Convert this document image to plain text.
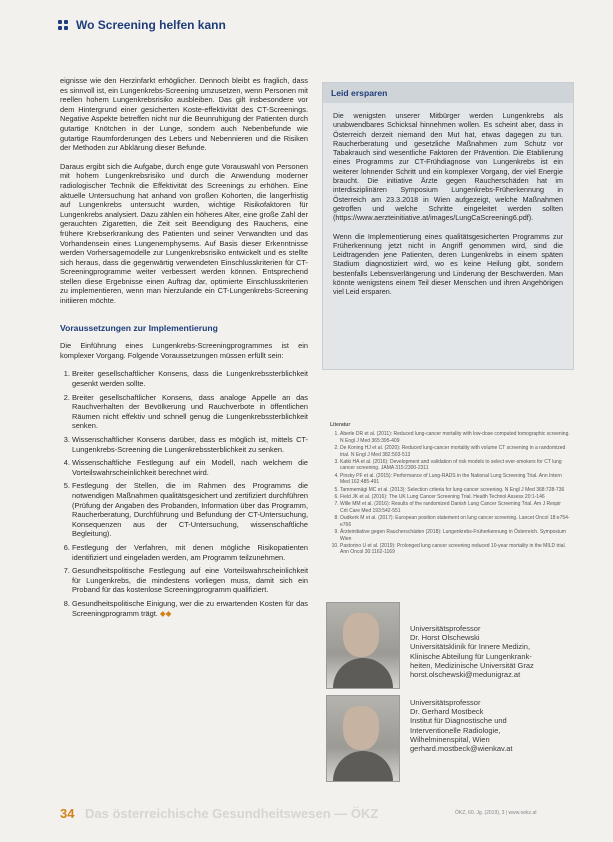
Wo Screening helfen kann

eignisse wie den Herzinfarkt erhöglicher. Dennoch bleibt es fraglich, dass es sinnvoll ist, ein Lungenkrebs-Screening umzusetzen, wenn Personen mit reellen hohem Lungenkrebsrisiko ausbleiben. Das gilt insbesondere vor dem Hintergrund einer gesicherten Koste-effektivität des CT-Screenings. Negative Aspekte betreffen nicht nur die Beunruhigung der Patienten durch gutartige Knötchen in der Lunge, sondern auch Nebenbefunde wie gutartige Raumforderungen des Lebers und Nebennieren und die Risiken der Methoden zur Abklärung dieser Befunde.

Daraus ergibt sich die Aufgabe, durch enge gute Vorauswahl von Personen mit hohem Lungenkrebsrisiko und durch die Anwendung moderner radiologischer Technik die Effektivität des Screenings zu erhöhen. Eine aktuelle Untersuchung hat anhand von großen Kohorten, die langerfristig auf Lungenkrebs untersucht wurden, wichtige Risikofaktoren für Lungenkrebs analysiert. Dazu zählen ein höheres Alter, eine große Zahl der gerauchten Zigaretten, die Zeit seit Beendigung des Rauchens, eine frühere Krebserkrankung des Patienten und seiner Verwandten und das Vorhandensein eines Lungenemphysems. Auf Basis dieser Erkenntnisse werden Vorhersagemodelle zur Lungenkrebsrisiko entwickelt und es stellte sich heraus, dass die gegenwärtig verwendeten Einschlusskriterien für CT-Screeningprogramme weiter verbessert werden können. Entsprechend stellen diese Ergebnisse einen Auftrag dar, optimierte Einschlusskriterien zu implementieren, wenn man hierzulande ein CT-Lungenkrebs-Screening initiieren möchte.

Voraussetzungen zur Implementierung

Die Einführung eines Lungenkrebs-Screeningprogrammes ist ein komplexer Vorgang. Folgende Voraussetzungen müssen erfüllt sein:

1. Breiter gesellschaftlicher Konsens, dass die Lungenkrebssterblichkeit gesenkt werden sollte.
2. Breiter gesellschaftlicher Konsens, dass analoge Appelle an das Rauchverhalten der Bevölkerung und Rauchverbote in öffentlichen Räumen nicht effektiv und schnell genug die Lungenkrebssterblichkeit senken.
3. Wissenschaftlicher Konsens darüber, dass es möglich ist, mittels CT-Lungenkrebs-Screening die Lungenkrebssterblichkeit zu senken.
4. Wissenschaftliche Festlegung auf ein Modell, nach welchem die Vorteilswahrscheinlichkeit berechnet wird.
5. Festlegung der Stellen, die im Rahmen des Programms die notwendigen Maßnahmen qualitätsgesichert und zertifiziert durchführen (Prüfung der Angaben des Probanden, Information über das Programm, Raucherberatung, Durchführung und Befundung der CT-Untersuchung, Konsequenzen aus der CT-Untersuchung, wissenschaftliche Begleitung).
6. Festlegung der Verfahren, mit denen mögliche Risikopatienten identifiziert und eingeladen werden, am Programm teilzunehmen.
7. Gesundheitspolitische Festlegung auf eine Vorteilswahrscheinlichkeit für Lungenkrebs, die mindestens vorliegen muss, damit sich ein Proband für das kostenlose Screeningprogramm qualifiziert.
8. Gesundheitspolitische Einigung, wer die zu erwartenden Kosten für das Screeningprogramm trägt. ◆◆
Leid ersparen

Die wenigsten unserer Mitbürger werden Lungenkrebs als unabwendbares Schicksal hinnehmen wollen. Es scheint aber, dass in Österreich derzeit niemand den Mut hat, etwas dagegen zu tun. Raucherberatung und gesetzliche Maßnahmen zum Schutz vor Tabakrauch sind wesentliche Faktoren der Prävention. Die Etablierung eines Programms zur CT-Frühdiagnose von Lungenkrebs ist ein weiterer lohnender Schritt und ein komplexer Vorgang, der viel Energie braucht. Die initiative Ärzte gegen Raucherschäden hat im interdisziplinären Symposium Lungenkrebs-Früherkennung in Österreich am 23.3.2018 in Wien aufgezeigt, welche Maßnahmen getroffen und welche Schritte eingeleitet werden sollten (https://www.aerzteinitiative.at/images/LungCaScreening6.pdf).

Wenn die Implementierung eines qualitätsgesicherten Programms zur Früherkennung jetzt nicht in Angriff genommen wird, sind die Leidtragenden jene Patienten, deren Lungenkrebs in einem späten Stadium diagnostiziert wird, wo es keine Heilung gibt, sondern bestenfalls Lebensverlängerung und Linderung der Beschwerden. Man könnte wenigstens einem Teil dieser Menschen und ihren Angehörigen viel Leid ersparen.

Literatur
1. Aberle DR et al. (2011): Reduced lung-cancer mortality with low-dose computed tomographic screening. N Engl J Med 365:395-409
2. De Koning HJ et al. (2020): Reduced lung-cancer mortality with volume CT screening in a randomized trial. N Engl J Med 382:503-513
3. Katki HA et al. (2016): Development and validation of risk models to select ever-smokers for CT lung cancer screening. JAMA 315:2300-2311
4. Pinsky PF et al. (2015): Performance of Lung-RADS in the National Lung Screening Trial. Ann Intern Med 162:485-491
5. Tammemägi MC et al. (2013): Selection criteria for lung-cancer screening. N Engl J Med 368:728-736
6. Field JK et al. (2016): The UK Lung Cancer Screening Trial. Health Technol Assess 20:1-146
7. Wille MM et al. (2016): Results of the randomized Danish Lung Cancer Screening Trial. Am J Respir Crit Care Med 193:542-551
8. Oudkerk M et al. (2017): European position statement on lung cancer screening. Lancet Oncol 18:e754-e766
9. Ärzteinitiative gegen Raucherschäden (2018): Lungenkrebs-Früherkennung in Österreich. Symposium Wien
10. Pastorino U et al. (2019): Prolonged lung cancer screening reduced 10-year mortality in the MILD trial. Ann Oncol 30:1162-1169
Universitätsprofessor
Dr. Horst Olschewski
Universitätsklinik für Innere Medizin,
Klinische Abteilung für Lungenkrank-
heiten, Medizinische Universität Graz
horst.olschewski@medunigraz.at
Universitätsprofessor
Dr. Gerhard Mostbeck
Institut für Diagnostische und
Interventionelle Radiologie,
Wilhelminenspital, Wien
gerhard.mostbeck@wienkav.at
34 Das österreichische Gesundheitswesen — ÖKZ	ÖKZ, 60. Jg. (2019), 3 | www.oekz.at
